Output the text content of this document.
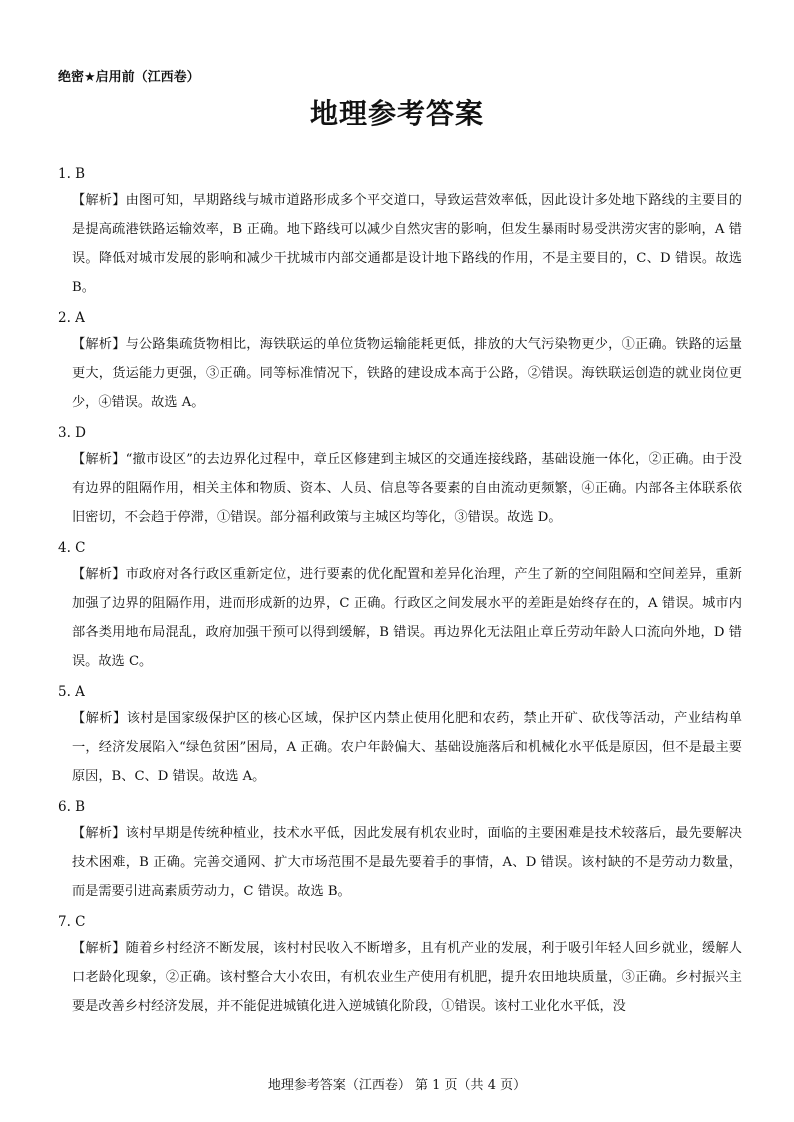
绝密★启用前（江西卷）
地理参考答案

1. B

【解析】由图可知，早期路线与城市道路形成多个平交道口，导致运营效率低，因此设计多处地下路线的主要目的是提高疏港铁路运输效率，B 正确。地下路线可以减少自然灾害的影响，但发生暴雨时易受洪涝灾害的影响，A 错误。降低对城市发展的影响和减少干扰城市内部交通都是设计地下路线的作用，不是主要目的，C、D 错误。故选 B。

2. A

【解析】与公路集疏货物相比，海铁联运的单位货物运输能耗更低，排放的大气污染物更少，①正确。铁路的运量更大，货运能力更强，③正确。同等标准情况下，铁路的建设成本高于公路，②错误。海铁联运创造的就业岗位更少，④错误。故选 A。

3. D

【解析】“撤市设区”的去边界化过程中，章丘区修建到主城区的交通连接线路，基础设施一体化，②正确。由于没有边界的阻隔作用，相关主体和物质、资本、人员、信息等各要素的自由流动更频繁，④正确。内部各主体联系依旧密切，不会趋于停滞，①错误。部分福利政策与主城区均等化，③错误。故选 D。

4. C

【解析】市政府对各行政区重新定位，进行要素的优化配置和差异化治理，产生了新的空间阻隔和空间差异，重新加强了边界的阻隔作用，进而形成新的边界，C 正确。行政区之间发展水平的差距是始终存在的，A 错误。城市内部各类用地布局混乱，政府加强干预可以得到缓解，B 错误。再边界化无法阻止章丘劳动年龄人口流向外地，D 错误。故选 C。

5. A

【解析】该村是国家级保护区的核心区域，保护区内禁止使用化肥和农药，禁止开矿、砍伐等活动，产业结构单一，经济发展陷入“绿色贫困”困局，A 正确。农户年龄偏大、基础设施落后和机械化水平低是原因，但不是最主要原因，B、C、D 错误。故选 A。

6. B

【解析】该村早期是传统种植业，技术水平低，因此发展有机农业时，面临的主要困难是技术较落后，最先要解决技术困难，B 正确。完善交通网、扩大市场范围不是最先要着手的事情，A、D 错误。该村缺的不是劳动力数量，而是需要引进高素质劳动力，C 错误。故选 B。

7. C

【解析】随着乡村经济不断发展，该村村民收入不断增多，且有机产业的发展，利于吸引年轻人回乡就业，缓解人口老龄化现象，②正确。该村整合大小农田，有机农业生产使用有机肥，提升农田地块质量，③正确。乡村振兴主要是改善乡村经济发展，并不能促进城镇化进入逆城镇化阶段，①错误。该村工业化水平低，没

地理参考答案（江西卷） 第 1 页（共 4 页）
